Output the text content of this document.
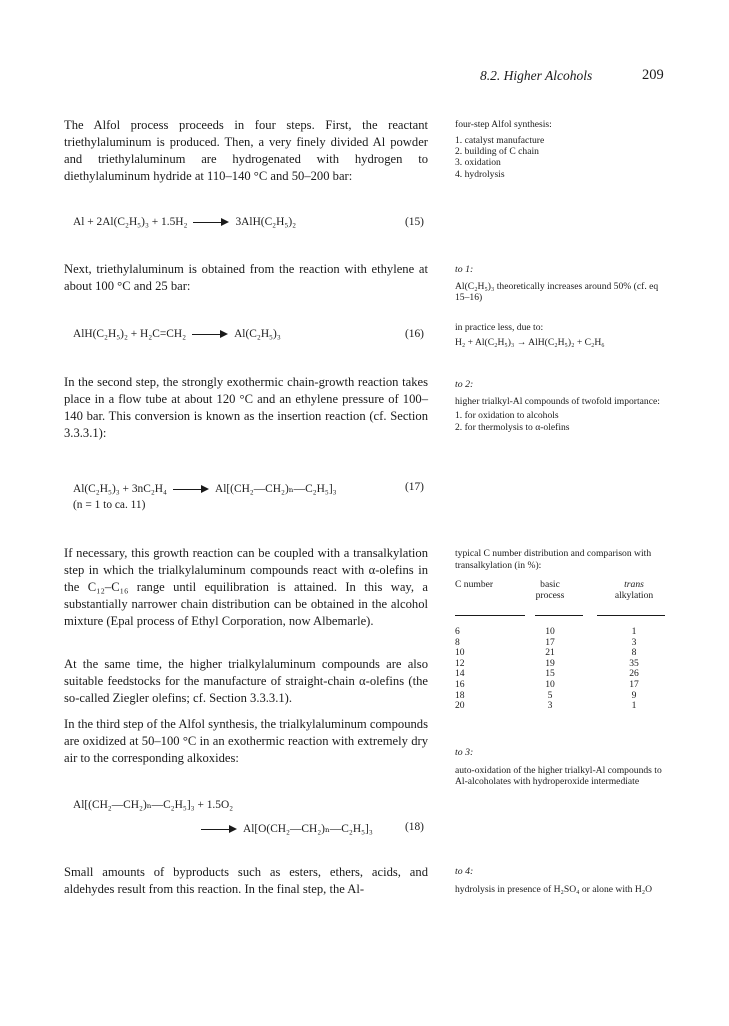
8.2. Higher Alcohols	209

The Alfol process proceeds in four steps. First, the reactant triethylaluminum is produced. Then, a very finely divided Al powder and triethylaluminum are hydrogenated with hydrogen to diethylaluminum hydride at 110–140 °C and 50–200 bar:

Al + 2Al(C₂H₅)₃ + 1.5H₂	3AlH(C₂H₅)₂	(15)

Next, triethylaluminum is obtained from the reaction with ethylene at about 100 °C and 25 bar:

AlH(C₂H₅)₂ + H₂C=CH₂	Al(C₂H₅)₃	(16)

In the second step, the strongly exothermic chain-growth reaction takes place in a flow tube at about 120 °C and an ethylene pressure of 100–140 bar. This conversion is known as the insertion reaction (cf. Section 3.3.3.1):

Al(C₂H₅)₃ + 3nC₂H₄	Al[(CH₂—CH₂)ₙ—C₂H₅]₃	(17)
(n = 1 to ca. 11)

If necessary, this growth reaction can be coupled with a transalkylation step in which the trialkylaluminum compounds react with α-olefins in the C₁₂–C₁₆ range until equilibration is attained. In this way, a substantially narrower chain distribution can be obtained in the alcohol mixture (Epal process of Ethyl Corporation, now Albemarle).

At the same time, the higher trialkylaluminum compounds are also suitable feedstocks for the manufacture of straight-chain α-olefins (the so-called Ziegler olefins; cf. Section 3.3.3.1).

In the third step of the Alfol synthesis, the trialkylaluminum compounds are oxidized at 50–100 °C in an exothermic reaction with extremely dry air to the corresponding alkoxides:

Al[(CH₂—CH₂)ₙ—C₂H₅]₃ + 1.5O₂
Al[O(CH₂—CH₂)ₙ—C₂H₅]₃	(18)

Small amounts of byproducts such as esters, ethers, acids, and aldehydes result from this reaction. In the final step, the Al-

four-step Alfol synthesis:
1. catalyst manufacture
2. building of C chain
3. oxidation
4. hydrolysis
to 1:
Al(C₂H₅)₃ theoretically increases around 50% (cf. eq 15–16)
in practice less, due to:
H₂ + Al(C₂H₅)₃ → AlH(C₂H₅)₂ + C₂H₆
to 2:
higher trialkyl-Al compounds of twofold importance:
1. for oxidation to alcohols
2. for thermolysis to α-olefins
typical C number distribution and comparison with transalkylation (in %):
C number	basic
process
trans
alkylation
6	10	1
8	17	3
10	21	8
12	19	35
14	15	26
16	10	17
18	5	9
20	3	1
to 3:
auto-oxidation of the higher trialkyl-Al compounds to Al-alcoholates with hydroperoxide intermediate
to 4:
hydrolysis in presence of H₂SO₄ or alone with H₂O
